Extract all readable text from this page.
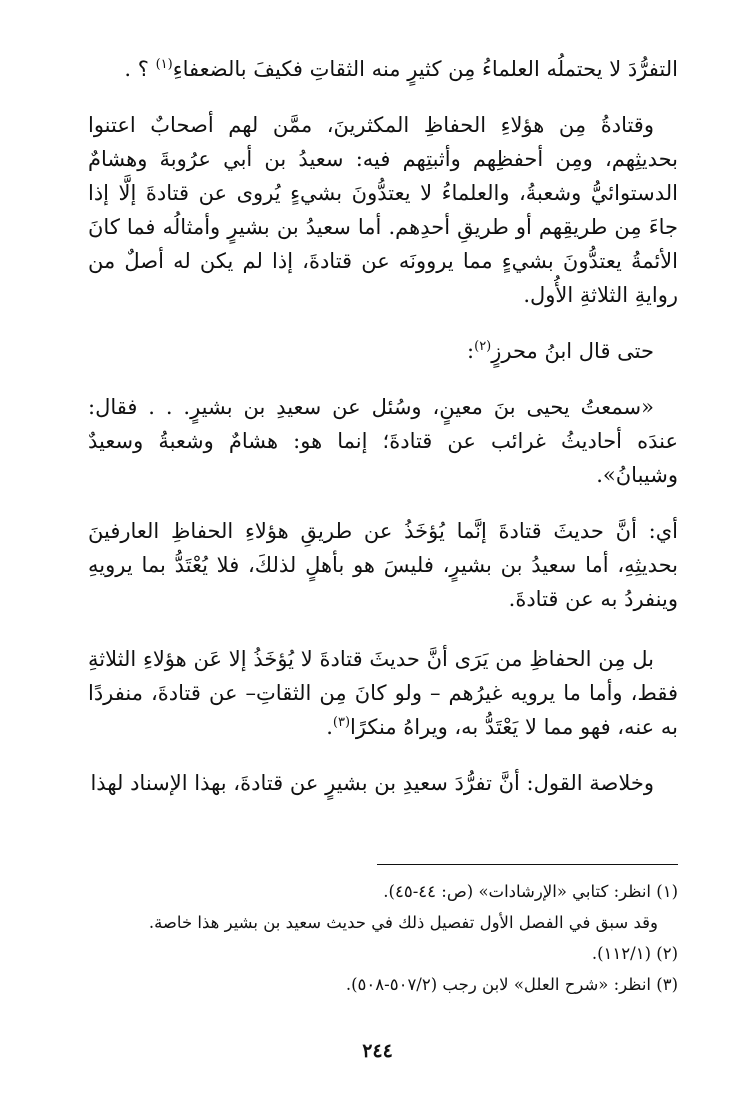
التفرُّدَ لا يحتملُه العلماءُ مِن كثيرٍ منه الثقاتِ فكيفَ بالضعفاءِ$^{(١)}$ ؟ .

وقتادةُ مِن هؤلاءِ الحفاظِ المكثرينَ، ممَّن لهم أصحابٌ اعتنوا بحديثِهم، ومِن أحفظِهم وأثبتِهم فيه: سعيدُ بن أبي عرُوبةَ وهشامٌ الدستوائيُّ وشعبةُ، والعلماءُ لا يعتدُّونَ بشيءٍ يُروى عن قتادةَ إلَّا إذا جاءَ مِن طريقِهم أو طريقِ أحدِهم. أما سعيدُ بن بشيرٍ وأمثالُه فما كانَ الأئمةُ يعتدُّونَ بشيءٍ مما يروونَه عن قتادةَ، إذا لم يكن له أصلٌ من روايةِ الثلاثةِ الأُول.

حتى قال ابنُ محرزٍ$^{(٢)}$:

«سمعتُ يحيى بنَ معينٍ، وسُئل عن سعيدِ بن بشيرٍ. . . فقال: عندَه أحاديثُ غرائب عن قتادةَ؛ إنما هو: هشامٌ وشعبةُ وسعيدٌ وشيبانُ».

أي: أنَّ حديثَ قتادةَ إنَّما يُؤخَذُ عن طريقِ هؤلاءِ الحفاظِ العارفينَ بحديثِهِ، أما سعيدُ بن بشيرٍ، فليسَ هو بأهلٍ لذلكَ، فلا يُعْتَدُّ بما يرويهِ وينفردُ به عن قتادةَ.

بل مِن الحفاظِ من يَرَى أنَّ حديثَ قتادةَ لا يُؤخَذُ إلا عَن هؤلاءِ الثلاثةِ فقط، وأما ما يرويه غيرُهم – ولو كانَ مِن الثقاتِ– عن قتادةَ، منفردًا به عنه، فهو مما لا يَعْتَدُّ به، ويراهُ منكرًا$^{(٣)}$.

وخلاصة القول: أنَّ تفرُّدَ سعيدِ بن بشيرٍ عن قتادةَ، بهذا الإسناد لهذا

(١) انظر: كتابي «الإرشادات» (ص: ٤٤-٤٥).

وقد سبق في الفصل الأول تفصيل ذلك في حديث سعيد بن بشير هذا خاصة.

(٢) (١١٢/١).

(٣) انظر: «شرح العلل» لابن رجب (٥٠٧/٢-٥٠٨).

٢٤٤
